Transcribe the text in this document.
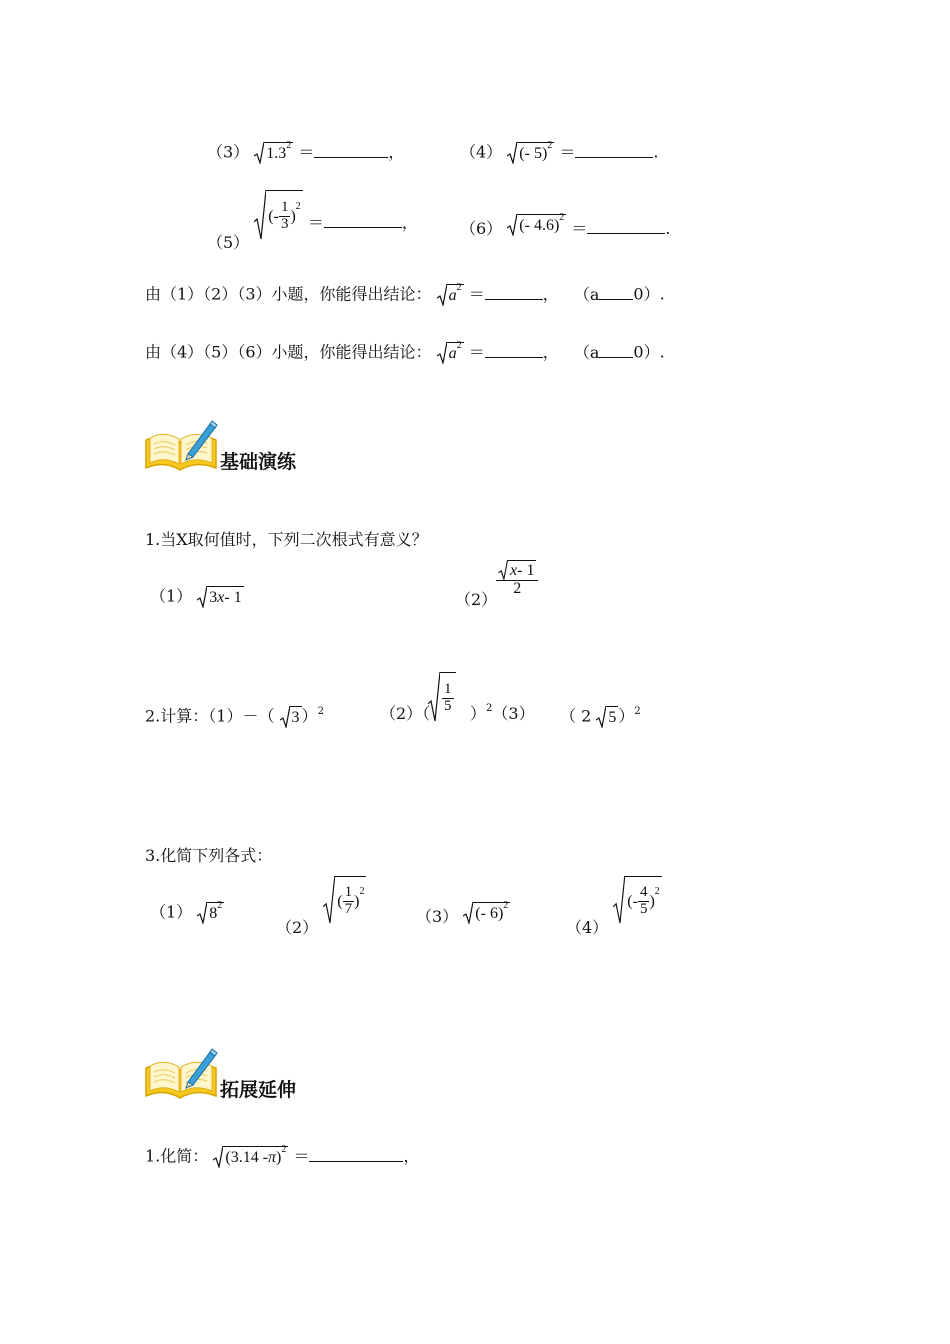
（3） 1.3 2 ＝	，	（4） (- 5) 2 ＝	.
（5）
(- $\frac{1}{3}$ )
2
＝	，	（6） (- 4.6) 2
＝	.
由（1）（2）（3）小题，你能得出结论： a 2 ＝	， （a 0）.
由（4）（5）（6）小题，你能得出结论： a 2 ＝	， （a 0）.
基础演练
1.当X取何值时，下列二次根式有意义？
（1） 3 x - 1	（2）
$\frac{x - 1}{2}$
2.计算：（1）－（ 3 ）$^2$	$(2)( \frac{1}{5} )^2(3)$ （ 2 5 ）$^2$
3.化简下列各式：
（1） 8 2
（2）
( $\frac{1}{7}$ )
2
（3） (- 6) 2
（4）
(- $\frac{4}{5}$ )
2
拓展延伸
1.化简： (3.14 - π ) 2 ＝	，
